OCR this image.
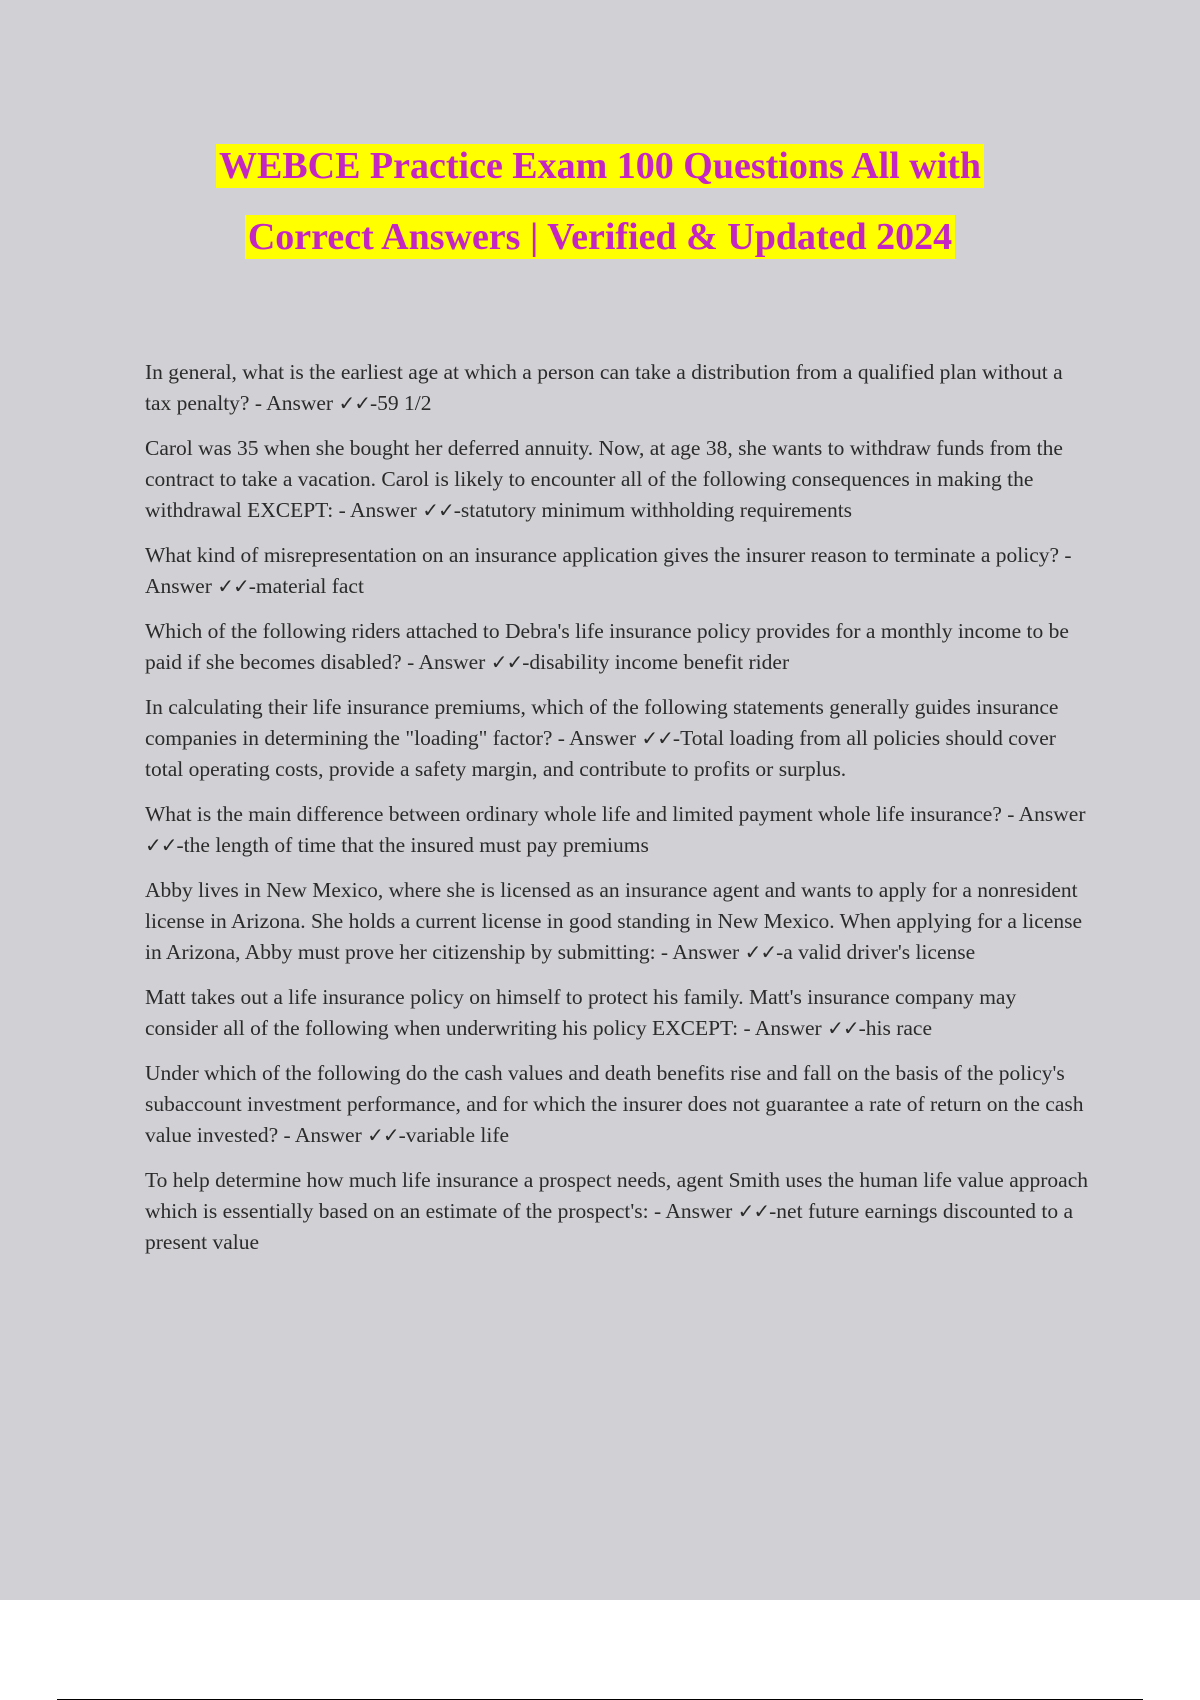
WEBCE Practice Exam 100 Questions All with
Correct Answers | Verified & Updated 2024

In general, what is the earliest age at which a person can take a distribution from a qualified plan without a tax penalty? - Answer ✓✓-59 1/2

Carol was 35 when she bought her deferred annuity. Now, at age 38, she wants to withdraw funds from the contract to take a vacation. Carol is likely to encounter all of the following consequences in making the withdrawal EXCEPT: - Answer ✓✓-statutory minimum withholding requirements

What kind of misrepresentation on an insurance application gives the insurer reason to terminate a policy? - Answer ✓✓-material fact

Which of the following riders attached to Debra's life insurance policy provides for a monthly income to be paid if she becomes disabled? - Answer ✓✓-disability income benefit rider

In calculating their life insurance premiums, which of the following statements generally guides insurance companies in determining the "loading" factor? - Answer ✓✓-Total loading from all policies should cover total operating costs, provide a safety margin, and contribute to profits or surplus.

What is the main difference between ordinary whole life and limited payment whole life insurance? - Answer ✓✓-the length of time that the insured must pay premiums

Abby lives in New Mexico, where she is licensed as an insurance agent and wants to apply for a nonresident license in Arizona. She holds a current license in good standing in New Mexico. When applying for a license in Arizona, Abby must prove her citizenship by submitting: - Answer ✓✓-a valid driver's license

Matt takes out a life insurance policy on himself to protect his family. Matt's insurance company may consider all of the following when underwriting his policy EXCEPT: - Answer ✓✓-his race

Under which of the following do the cash values and death benefits rise and fall on the basis of the policy's subaccount investment performance, and for which the insurer does not guarantee a rate of return on the cash value invested? - Answer ✓✓-variable life

To help determine how much life insurance a prospect needs, agent Smith uses the human life value approach which is essentially based on an estimate of the prospect's: - Answer ✓✓-net future earnings discounted to a present value
